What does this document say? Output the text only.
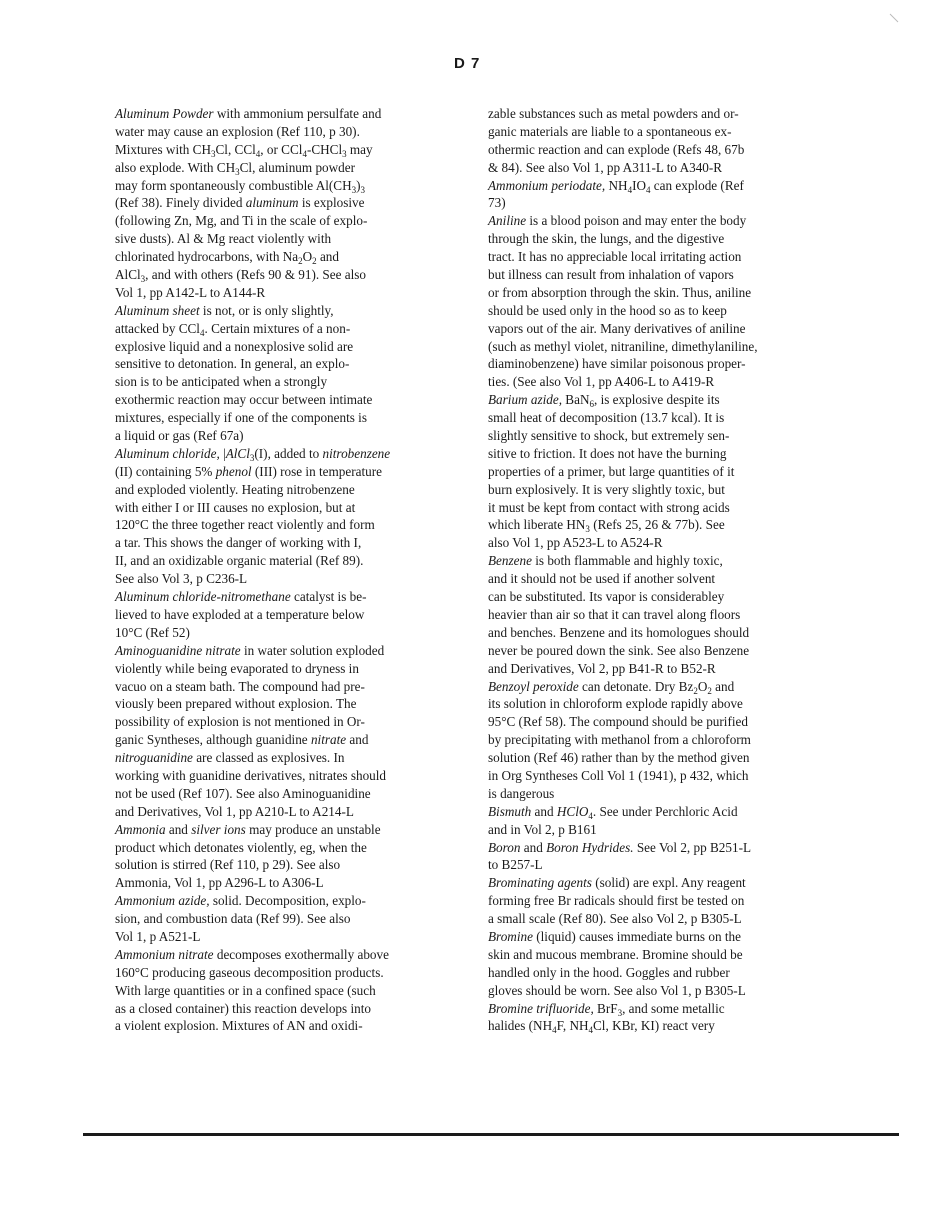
D 7
Aluminum Powder with ammonium persulfate and
water may cause an explosion (Ref 110, p 30).
Mixtures with $CH_3Cl$, CCl$_4$, or CCl$_4$-CHCl$_3$ may
also explode. With $CH_3Cl$, aluminum powder
may form spontaneously combustible $Al(CH_3)_3$
(Ref 38). Finely divided aluminum is explosive
(following Zn, Mg, and Ti in the scale of explo-
sive dusts). Al & Mg react violently with
chlorinated hydrocarbons, with $Na_2O_2$ and
AlCl$_3$, and with others (Refs 90 & 91). See also
Vol 1, pp A142-L to A144-R
Aluminum sheet is not, or is only slightly,
attacked by CCl$_4$. Certain mixtures of a non-
explosive liquid and a nonexplosive solid are
sensitive to detonation. In general, an explo-
sion is to be anticipated when a strongly
exothermic reaction may occur between intimate
mixtures, especially if one of the components is
a liquid or gas (Ref 67a)
Aluminum chloride, |AlCl$_3$(I), added to nitrobenzene
(II) containing 5% phenol (III) rose in temperature
and exploded violently. Heating nitrobenzene
with either I or III causes no explosion, but at
120°C the three together react violently and form
a tar. This shows the danger of working with I,
II, and an oxidizable organic material (Ref 89).
See also Vol 3, p C236-L
Aluminum chloride-nitromethane catalyst is be-
lieved to have exploded at a temperature below
10°C (Ref 52)
Aminoguanidine nitrate in water solution exploded
violently while being evaporated to dryness in
vacuo on a steam bath. The compound had pre-
viously been prepared without explosion. The
possibility of explosion is not mentioned in Or-
ganic Syntheses, although guanidine nitrate and
nitroguanidine are classed as explosives. In
working with guanidine derivatives, nitrates should
not be used (Ref 107). See also Aminoguanidine
and Derivatives, Vol 1, pp A210-L to A214-L
Ammonia and silver ions may produce an unstable
product which detonates violently, eg, when the
solution is stirred (Ref 110, p 29). See also
Ammonia, Vol 1, pp A296-L to A306-L
Ammonium azide, solid. Decomposition, explo-
sion, and combustion data (Ref 99). See also
Vol 1, p A521-L
Ammonium nitrate decomposes exothermally above
160°C producing gaseous decomposition products.
With large quantities or in a confined space (such
as a closed container) this reaction develops into
a violent explosion. Mixtures of AN and oxidi-
zable substances such as metal powders and or-
ganic materials are liable to a spontaneous ex-
othermic reaction and can explode (Refs 48, 67b
& 84). See also Vol 1, pp A311-L to A340-R
Ammonium periodate, $NH_4IO_4$ can explode (Ref
73)
Aniline is a blood poison and may enter the body
through the skin, the lungs, and the digestive
tract. It has no appreciable local irritating action
but illness can result from inhalation of vapors
or from absorption through the skin. Thus, aniline
should be used only in the hood so as to keep
vapors out of the air. Many derivatives of aniline
(such as methyl violet, nitraniline, dimethylaniline,
diaminobenzene) have similar poisonous proper-
ties. (See also Vol 1, pp A406-L to A419-R
Barium azide, BaN$_6$, is explosive despite its
small heat of decomposition (13.7 kcal). It is
slightly sensitive to shock, but extremely sen-
sitive to friction. It does not have the burning
properties of a primer, but large quantities of it
burn explosively. It is very slightly toxic, but
it must be kept from contact with strong acids
which liberate $HN_3$ (Refs 25, 26 & 77b). See
also Vol 1, pp A523-L to A524-R
Benzene is both flammable and highly toxic,
and it should not be used if another solvent
can be substituted. Its vapor is considerabley
heavier than air so that it can travel along floors
and benches. Benzene and its homologues should
never be poured down the sink. See also Benzene
and Derivatives, Vol 2, pp B41-R to B52-R
Benzoyl peroxide can detonate. Dry $Bz_2O_2$ and
its solution in chloroform explode rapidly above
95°C (Ref 58). The compound should be purified
by precipitating with methanol from a chloroform
solution (Ref 46) rather than by the method given
in Org Syntheses Coll Vol 1 (1941), p 432, which
is dangerous
Bismuth and HClO$_4$. See under Perchloric Acid
and in Vol 2, p B161
Boron and Boron Hydrides. See Vol 2, pp B251-L
to B257-L
Brominating agents (solid) are expl. Any reagent
forming free Br radicals should first be tested on
a small scale (Ref 80). See also Vol 2, p B305-L
Bromine (liquid) causes immediate burns on the
skin and mucous membrane. Bromine should be
handled only in the hood. Goggles and rubber
gloves should be worn. See also Vol 1, p B305-L
Bromine trifluoride, BrF$_3$, and some metallic
halides ($NH_4F$, $NH_4Cl$, KBr, KI) react very
